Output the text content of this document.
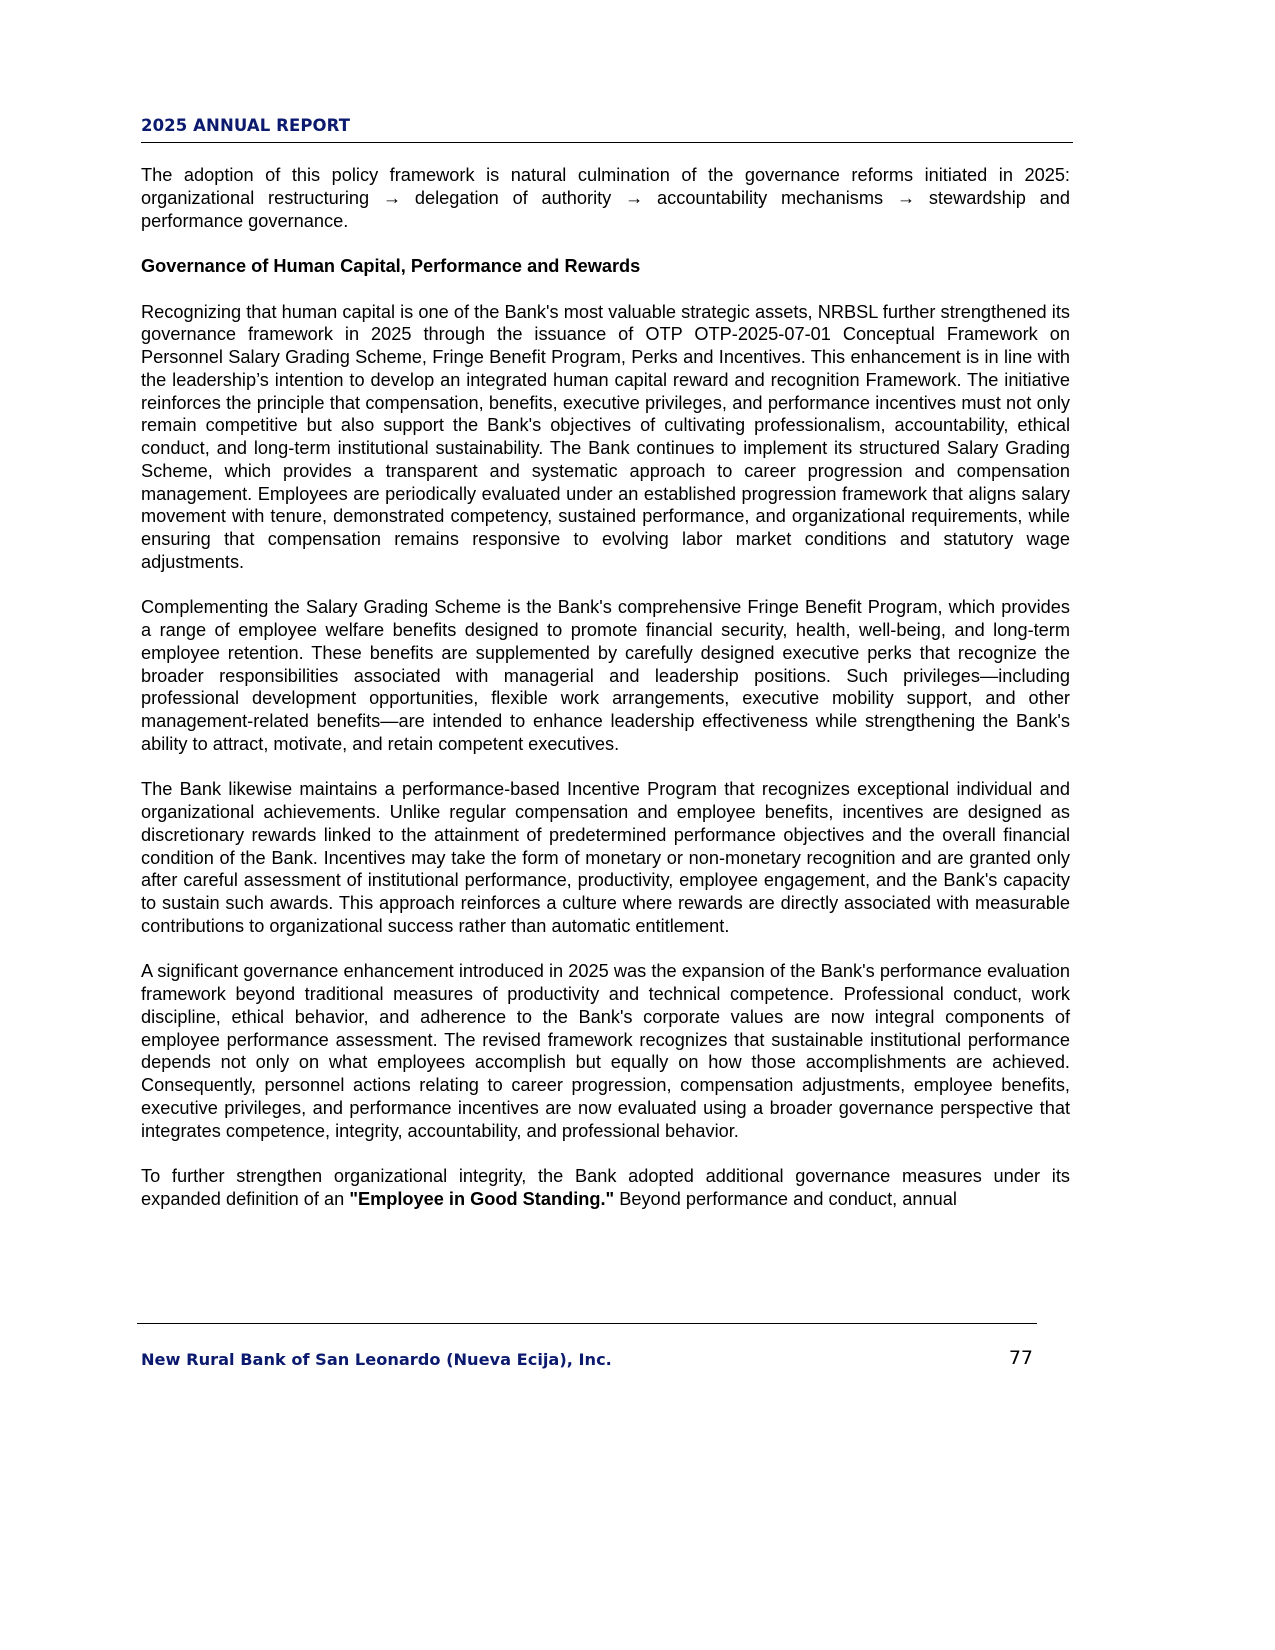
2025 ANNUAL REPORT

The adoption of this policy framework is natural culmination of the governance reforms initiated in 2025: organizational restructuring → delegation of authority → accountability mechanisms → stewardship and performance governance.

Governance of Human Capital, Performance and Rewards

Recognizing that human capital is one of the Bank's most valuable strategic assets, NRBSL further strengthened its governance framework in 2025 through the issuance of OTP OTP-2025-07-01 Conceptual Framework on Personnel Salary Grading Scheme, Fringe Benefit Program, Perks and Incentives. This enhancement is in line with the leadership’s intention to develop an integrated human capital reward and recognition Framework. The initiative reinforces the principle that compensation, benefits, executive privileges, and performance incentives must not only remain competitive but also support the Bank's objectives of cultivating professionalism, accountability, ethical conduct, and long-term institutional sustainability. The Bank continues to implement its structured Salary Grading Scheme, which provides a transparent and systematic approach to career progression and compensation management. Employees are periodically evaluated under an established progression framework that aligns salary movement with tenure, demonstrated competency, sustained performance, and organizational requirements, while ensuring that compensation remains responsive to evolving labor market conditions and statutory wage adjustments.

Complementing the Salary Grading Scheme is the Bank's comprehensive Fringe Benefit Program, which provides a range of employee welfare benefits designed to promote financial security, health, well-being, and long-term employee retention. These benefits are supplemented by carefully designed executive perks that recognize the broader responsibilities associated with managerial and leadership positions. Such privileges—including professional development opportunities, flexible work arrangements, executive mobility support, and other management-related benefits—are intended to enhance leadership effectiveness while strengthening the Bank's ability to attract, motivate, and retain competent executives.

The Bank likewise maintains a performance-based Incentive Program that recognizes exceptional individual and organizational achievements. Unlike regular compensation and employee benefits, incentives are designed as discretionary rewards linked to the attainment of predetermined performance objectives and the overall financial condition of the Bank. Incentives may take the form of monetary or non-monetary recognition and are granted only after careful assessment of institutional performance, productivity, employee engagement, and the Bank's capacity to sustain such awards. This approach reinforces a culture where rewards are directly associated with measurable contributions to organizational success rather than automatic entitlement.

A significant governance enhancement introduced in 2025 was the expansion of the Bank's performance evaluation framework beyond traditional measures of productivity and technical competence. Professional conduct, work discipline, ethical behavior, and adherence to the Bank's corporate values are now integral components of employee performance assessment. The revised framework recognizes that sustainable institutional performance depends not only on what employees accomplish but equally on how those accomplishments are achieved. Consequently, personnel actions relating to career progression, compensation adjustments, employee benefits, executive privileges, and performance incentives are now evaluated using a broader governance perspective that integrates competence, integrity, accountability, and professional behavior.

To further strengthen organizational integrity, the Bank adopted additional governance measures under its expanded definition of an "Employee in Good Standing." Beyond performance and conduct, annual

New Rural Bank of San Leonardo (Nueva Ecija), Inc.	77
